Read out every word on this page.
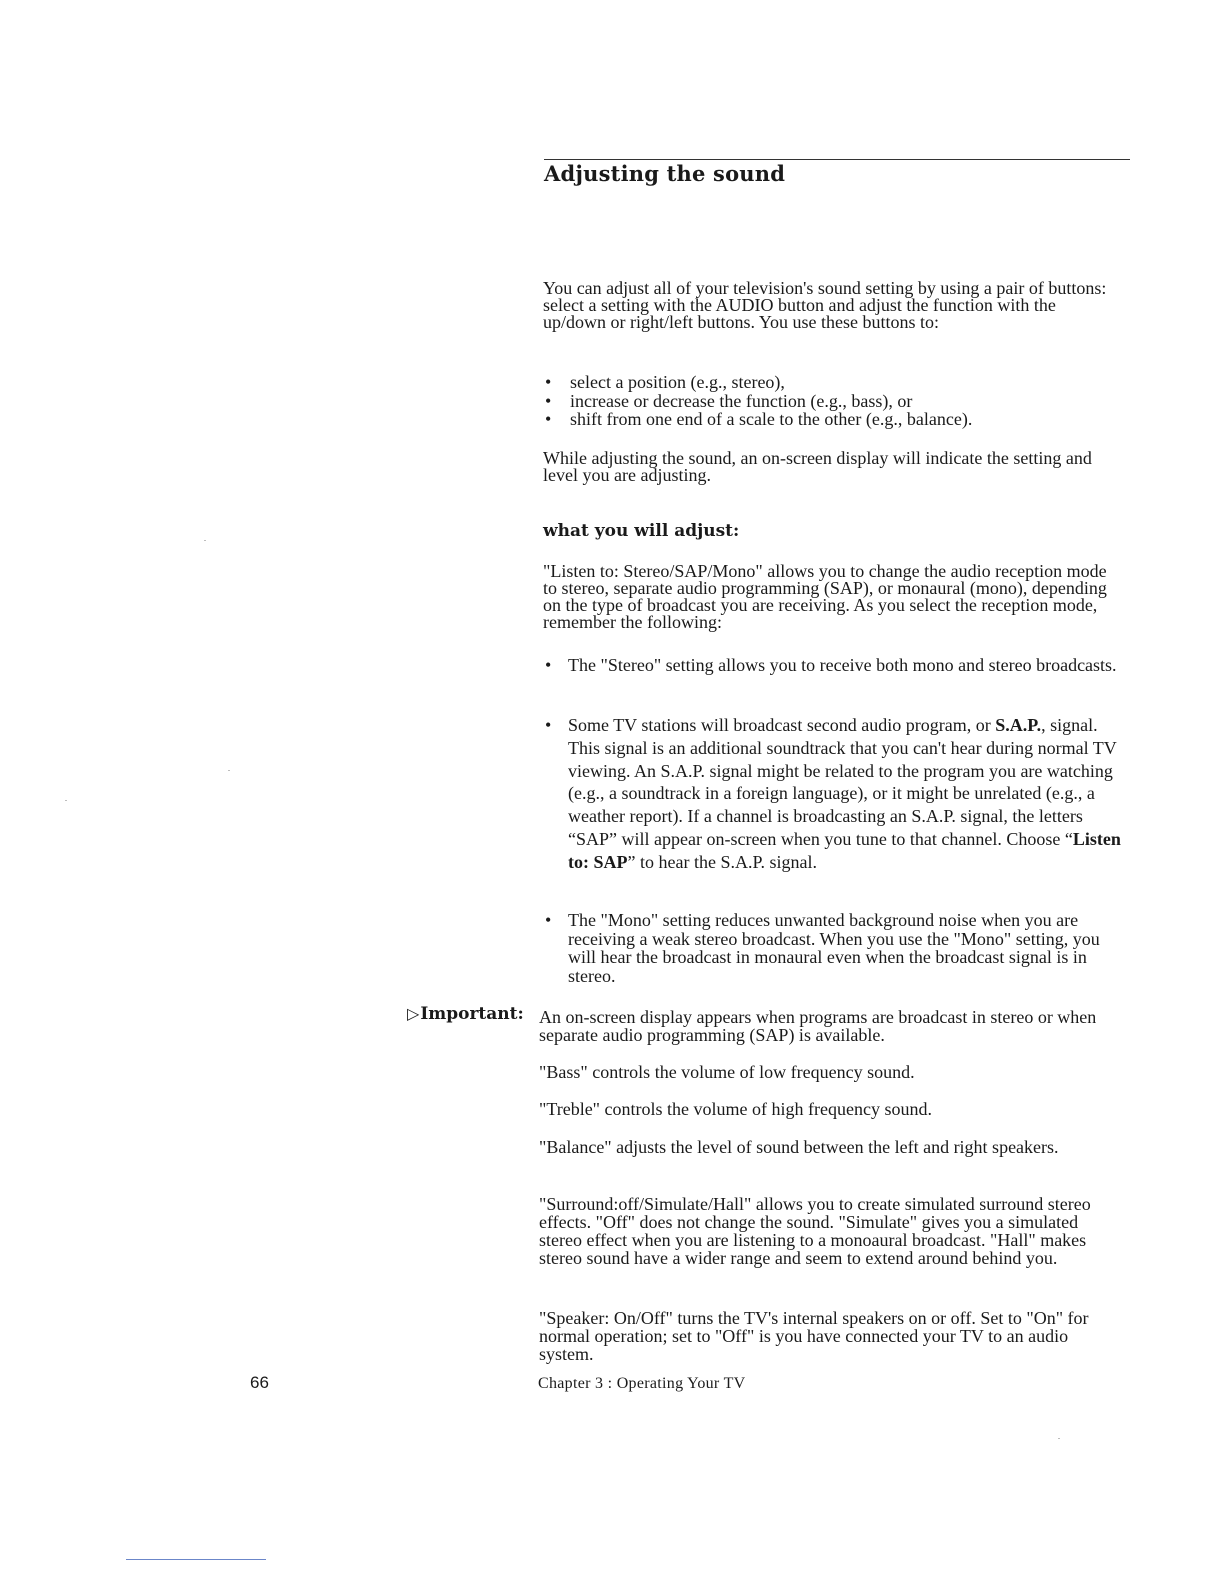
Adjusting the sound

You can adjust all of your television's sound setting by using a pair of buttons: select a setting with the AUDIO button and adjust the function with the up/down or right/left buttons. You use these buttons to:

• select a position (e.g., stereo),
• increase or decrease the function (e.g., bass), or
• shift from one end of a scale to the other (e.g., balance).

While adjusting the sound, an on-screen display will indicate the setting and level you are adjusting.

what you will adjust:

"Listen to: Stereo/SAP/Mono" allows you to change the audio reception mode to stereo, separate audio programming (SAP), or monaural (mono), depending on the type of broadcast you are receiving. As you select the reception mode, remember the following:

• The "Stereo" setting allows you to receive both mono and stereo broadcasts.
• Some TV stations will broadcast second audio program, or S.A.P., signal. This signal is an additional soundtrack that you can't hear during normal TV viewing. An S.A.P. signal might be related to the program you are watching (e.g., a soundtrack in a foreign language), or it might be unrelated (e.g., a weather report). If a channel is broadcasting an S.A.P. signal, the letters “SAP” will appear on-screen when you tune to that channel. Choose “Listen to: SAP” to hear the S.A.P. signal.
• The "Mono" setting reduces unwanted background noise when you are receiving a weak stereo broadcast. When you use the "Mono" setting, you will hear the broadcast in monaural even when the broadcast signal is in stereo.
▷Important: An on-screen display appears when programs are broadcast in stereo or when separate audio programming (SAP) is available.

"Bass" controls the volume of low frequency sound.

"Treble" controls the volume of high frequency sound.

"Balance" adjusts the level of sound between the left and right speakers.

"Surround:off/Simulate/Hall" allows you to create simulated surround stereo effects. "Off" does not change the sound. "Simulate" gives you a simulated stereo effect when you are listening to a monoaural broadcast. "Hall" makes stereo sound have a wider range and seem to extend around behind you.

"Speaker: On/Off" turns the TV's internal speakers on or off. Set to "On" for normal operation; set to "Off" is you have connected your TV to an audio system.

66	Chapter 3 : Operating Your TV
